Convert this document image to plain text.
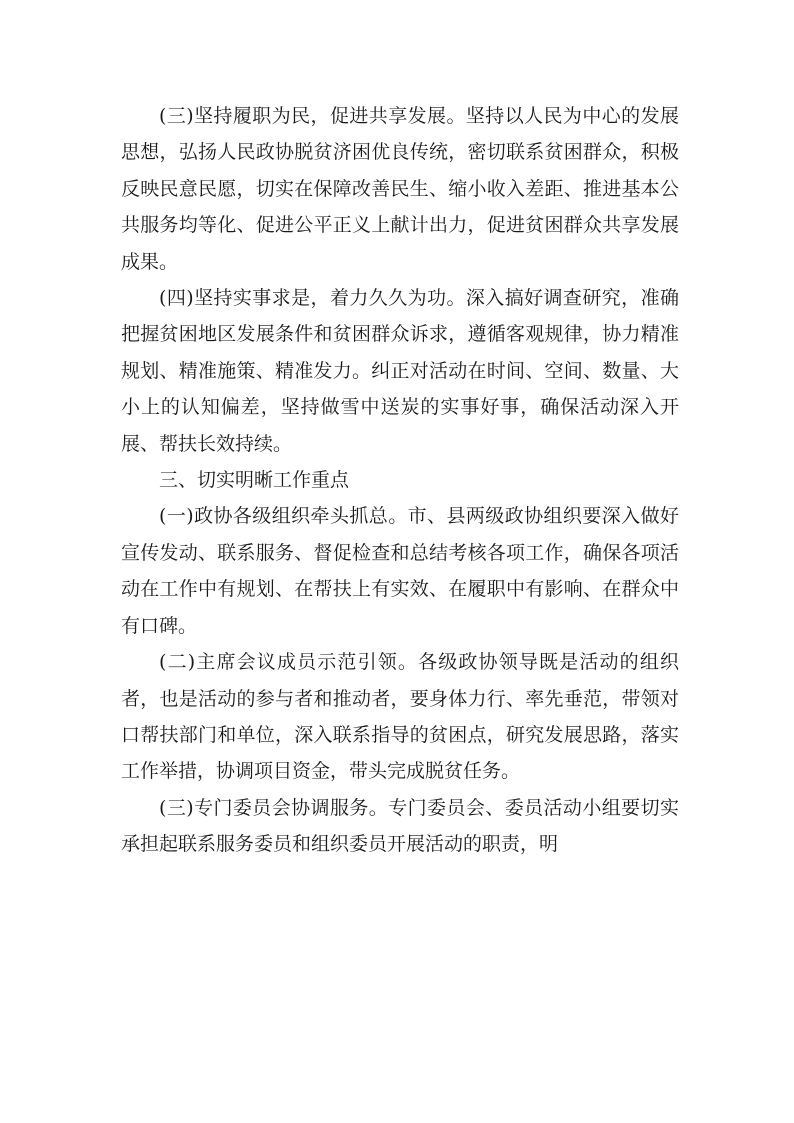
(三)坚持履职为民，促进共享发展。坚持以人民为中心的发展思想，弘扬人民政协脱贫济困优良传统，密切联系贫困群众，积极反映民意民愿，切实在保障改善民生、缩小收入差距、推进基本公共服务均等化、促进公平正义上献计出力，促进贫困群众共享发展成果。

(四)坚持实事求是，着力久久为功。深入搞好调查研究，准确把握贫困地区发展条件和贫困群众诉求，遵循客观规律，协力精准规划、精准施策、精准发力。纠正对活动在时间、空间、数量、大小上的认知偏差，坚持做雪中送炭的实事好事，确保活动深入开展、帮扶长效持续。

三、切实明晰工作重点

(一)政协各级组织牵头抓总。市、县两级政协组织要深入做好宣传发动、联系服务、督促检查和总结考核各项工作，确保各项活动在工作中有规划、在帮扶上有实效、在履职中有影响、在群众中有口碑。

(二)主席会议成员示范引领。各级政协领导既是活动的组织者，也是活动的参与者和推动者，要身体力行、率先垂范，带领对口帮扶部门和单位，深入联系指导的贫困点，研究发展思路，落实工作举措，协调项目资金，带头完成脱贫任务。

(三)专门委员会协调服务。专门委员会、委员活动小组要切实承担起联系服务委员和组织委员开展活动的职责，明
